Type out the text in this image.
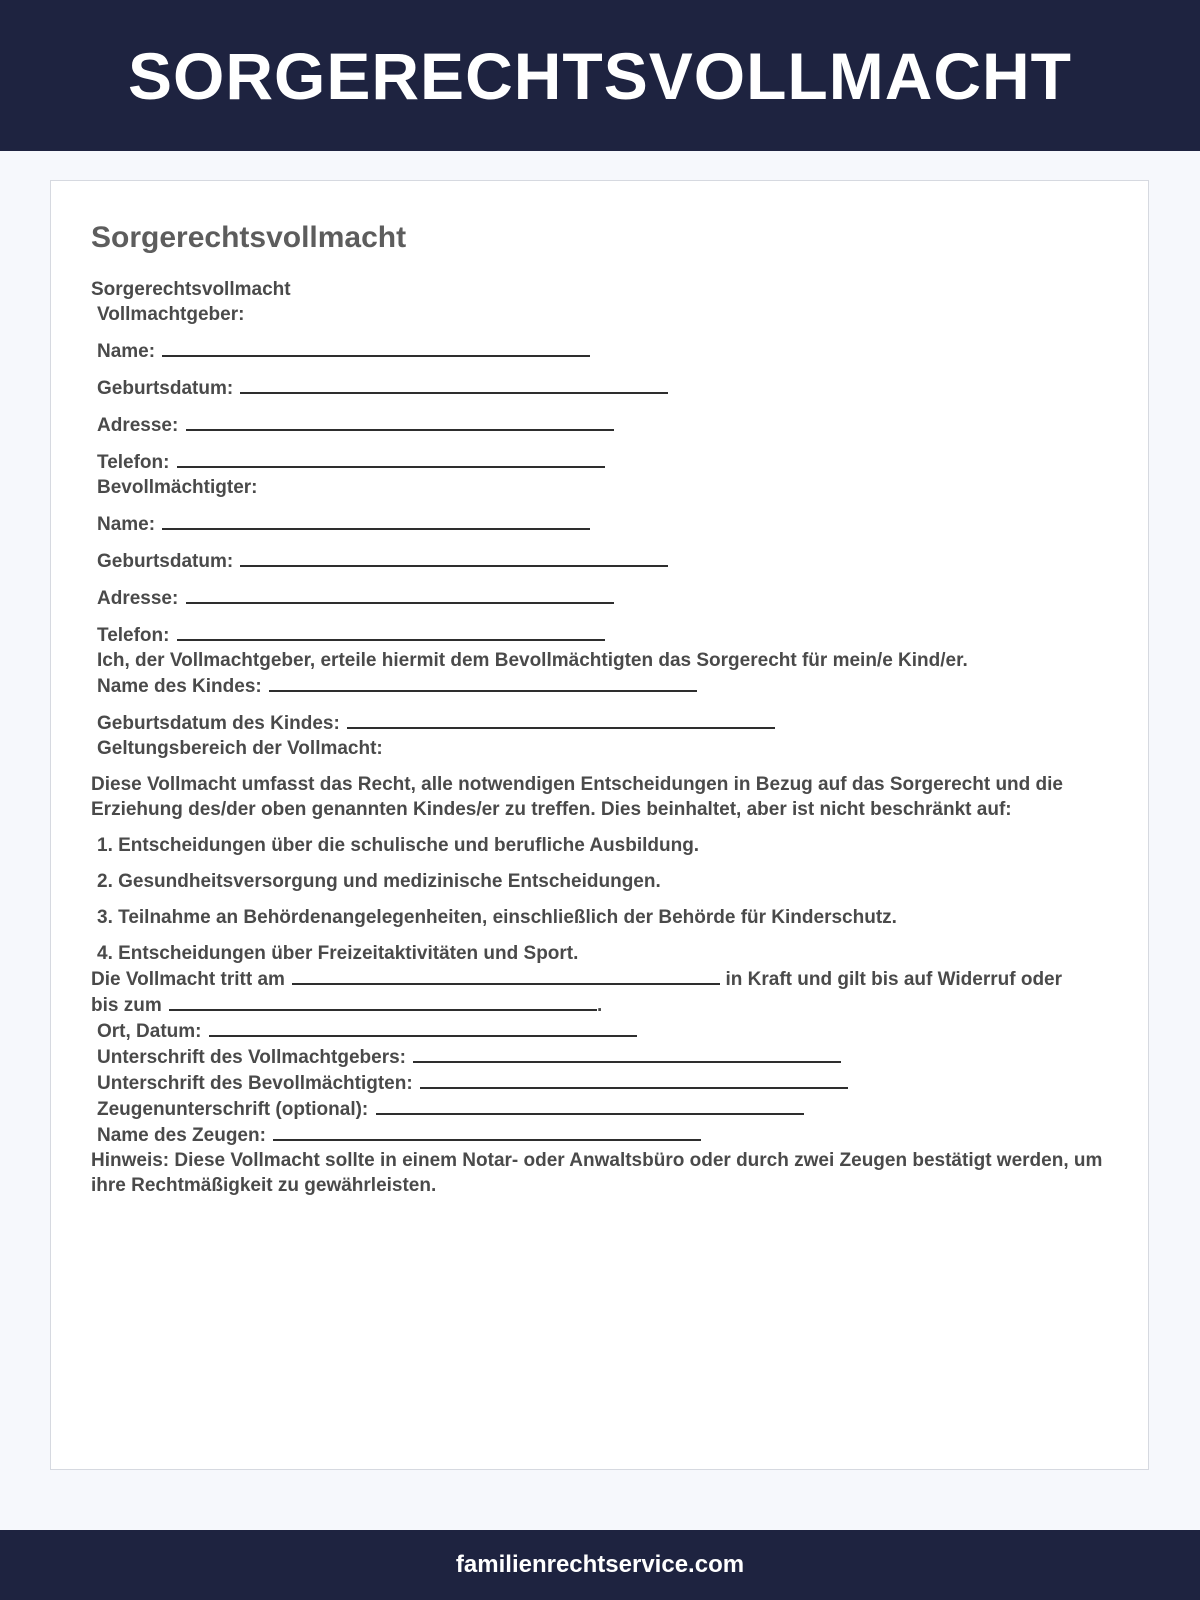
SORGERECHTSVOLLMACHT
Sorgerechtsvollmacht
Sorgerechtsvollmacht
Vollmachtgeber:
Name:
Geburtsdatum:
Adresse:
Telefon:
Bevollmächtigter:
Name:
Geburtsdatum:
Adresse:
Telefon:
Ich, der Vollmachtgeber, erteile hiermit dem Bevollmächtigten das Sorgerecht für mein/e Kind/er.
Name des Kindes:
Geburtsdatum des Kindes:
Geltungsbereich der Vollmacht:
Diese Vollmacht umfasst das Recht, alle notwendigen Entscheidungen in Bezug auf das Sorgerecht und die Erziehung des/der oben genannten Kindes/er zu treffen. Dies beinhaltet, aber ist nicht beschränkt auf:
1. Entscheidungen über die schulische und berufliche Ausbildung.
2. Gesundheitsversorgung und medizinische Entscheidungen.
3. Teilnahme an Behördenangelegenheiten, einschließlich der Behörde für Kinderschutz.
4. Entscheidungen über Freizeitaktivitäten und Sport.
Die Vollmacht tritt am	in Kraft und gilt bis auf Widerruf oder
bis zum	.
Ort, Datum:
Unterschrift des Vollmachtgebers:
Unterschrift des Bevollmächtigten:
Zeugenunterschrift (optional):
Name des Zeugen:
Hinweis: Diese Vollmacht sollte in einem Notar- oder Anwaltsbüro oder durch zwei Zeugen bestätigt werden, um ihre Rechtmäßigkeit zu gewährleisten.
familienrechtservice.com
